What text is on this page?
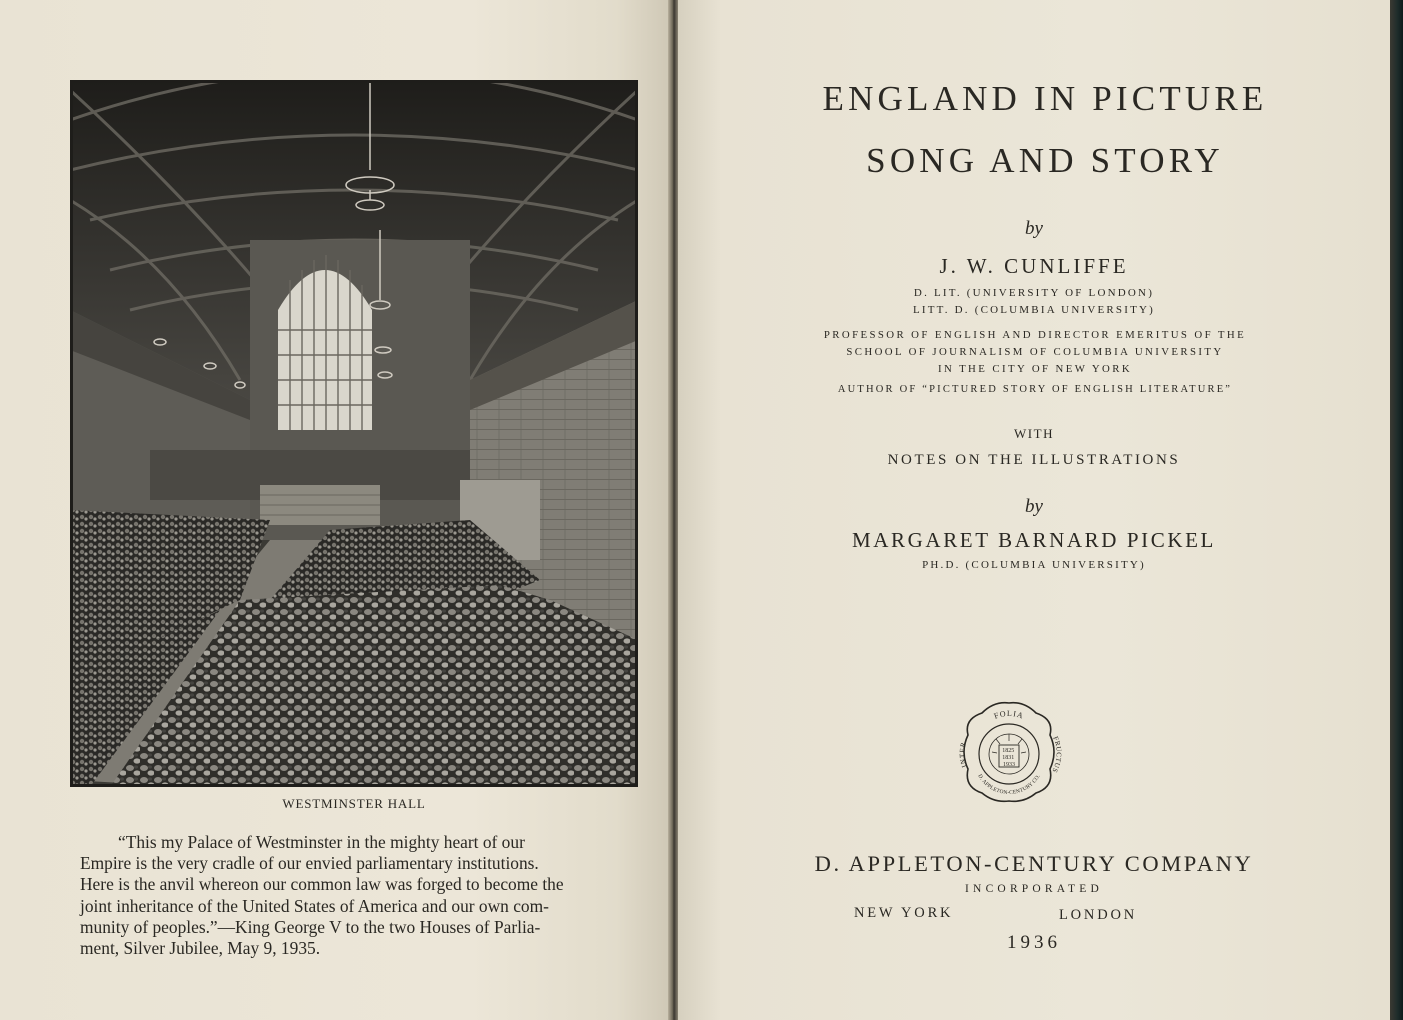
WESTMINSTER HALL
“This my Palace of Westminster in the mighty heart of our
Empire is the very cradle of our envied parliamentary institutions.
Here is the anvil whereon our common law was forged to become the
joint inheritance of the United States of America and our own com-
munity of peoples.”—King George V to the two Houses of Parlia-
ment, Silver Jubilee, May 9, 1935.
ENGLAND IN PICTURE
SONG AND STORY
by
J. W. CUNLIFFE
D. LIT. (UNIVERSITY OF LONDON)
LITT. D. (COLUMBIA UNIVERSITY)
PROFESSOR OF ENGLISH AND DIRECTOR EMERITUS OF THE
SCHOOL OF JOURNALISM OF COLUMBIA UNIVERSITY
IN THE CITY OF NEW YORK
AUTHOR OF “PICTURED STORY OF ENGLISH LITERATURE”
WITH
NOTES ON THE ILLUSTRATIONS
by
MARGARET BARNARD PICKEL
PH.D. (COLUMBIA UNIVERSITY)
1825 1831 1933
FOLIA
INTER
FRUCTUS
D. APPLETON-CENTURY CO.
D. APPLETON-CENTURY COMPANY
INCORPORATED
NEW YORK	LONDON
1936
